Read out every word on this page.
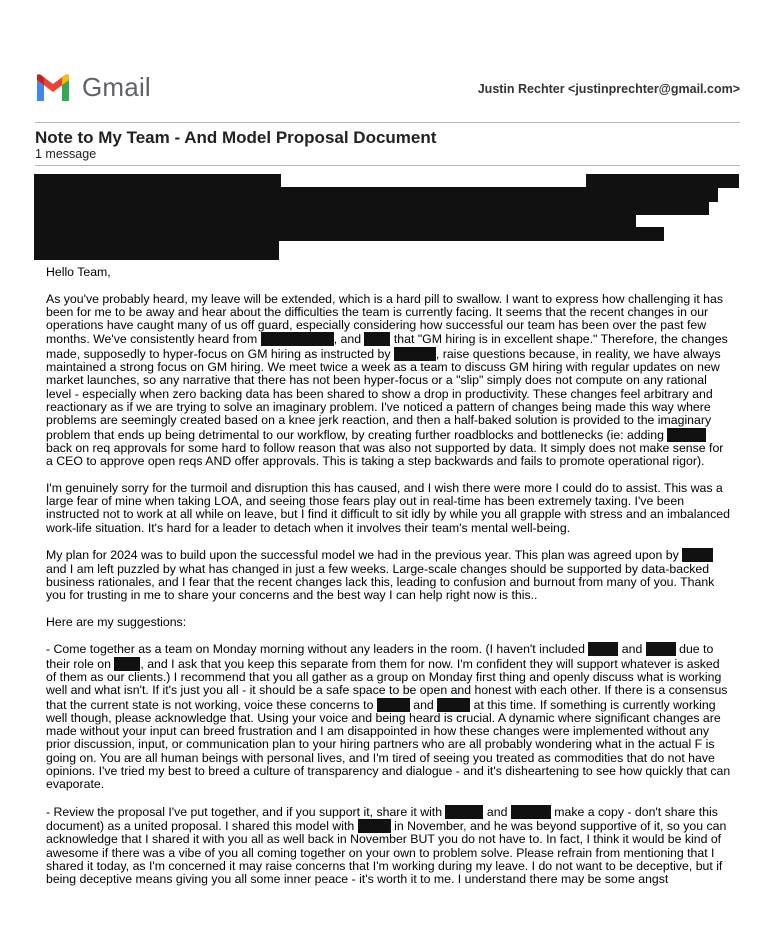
Gmail	Justin Rechter <justinprechter@gmail.com>
Note to My Team - And Model Proposal Document
1 message

Hello Team,

As you've probably heard, my leave will be extended, which is a hard pill to swallow. I want to express how challenging it has been for me to be away and hear about the difficulties the team is currently facing. It seems that the recent changes in our operations have caught many of us off guard, especially considering how successful our team has been over the past few months. We've consistently heard from	, and  that "GM hiring is in excellent shape." Therefore, the changes made, supposedly to hyper-focus on GM hiring as instructed by	, raise questions because, in reality, we have always maintained a strong focus on GM hiring. We meet twice a week as a team to discuss GM hiring with regular updates on new market launches, so any narrative that there has not been hyper-focus or a "slip" simply does not compute on any rational level - especially when zero backing data has been shared to show a drop in productivity. These changes feel arbitrary and reactionary as if we are trying to solve an imaginary problem. I've noticed a pattern of changes being made this way where problems are seemingly created based on a knee jerk reaction, and then a half-baked solution is provided to the imaginary problem that ends up being detrimental to our workflow, by creating further roadblocks and bottlenecks (ie: adding  back on req approvals for some hard to follow reason that was also not supported by data. It simply does not make sense for a CEO to approve open reqs AND offer approvals. This is taking a step backwards and fails to promote operational rigor).

I'm genuinely sorry for the turmoil and disruption this has caused, and I wish there were more I could do to assist. This was a large fear of mine when taking LOA, and seeing those fears play out in real-time has been extremely taxing. I've been instructed not to work at all while on leave, but I find it difficult to sit idly by while you all grapple with stress and an imbalanced work-life situation. It's hard for a leader to detach when it involves their team's mental well-being.

My plan for 2024 was to build upon the successful model we had in the previous year. This plan was agreed upon by  and I am left puzzled by what has changed in just a few weeks. Large-scale changes should be supported by data-backed business rationales, and I fear that the recent changes lack this, leading to confusion and burnout from many of you. Thank you for trusting in me to share your concerns and the best way I can help right now is this..

Here are my suggestions:

- Come together as a team on Monday morning without any leaders in the room. (I haven't included  and  due to their role on , and I ask that you keep this separate from them for now. I'm confident they will support whatever is asked of them as our clients.) I recommend that you all gather as a group on Monday first thing and openly discuss what is working well and what isn't. If it's just you all - it should be a safe space to be open and honest with each other. If there is a consensus that the current state is not working, voice these concerns to	and	at this time. If something is currently working well though, please acknowledge that. Using your voice and being heard is crucial. A dynamic where significant changes are made without your input can breed frustration and I am disappointed in how these changes were implemented without any prior discussion, input, or communication plan to your hiring partners who are all probably wondering what in the actual F is going on. You are all human beings with personal lives, and I'm tired of seeing you treated as commodities that do not have opinions. I've tried my best to breed a culture of transparency and dialogue - and it's disheartening to see how quickly that can evaporate.

- Review the proposal I've put together, and if you support it, share it with	and	make a copy - don't share this document) as a united proposal. I shared this model with	in November, and he was beyond supportive of it, so you can acknowledge that I shared it with you all as well back in November BUT you do not have to. In fact, I think it would be kind of awesome if there was a vibe of you all coming together on your own to problem solve. Please refrain from mentioning that I shared it today, as I'm concerned it may raise concerns that I'm working during my leave. I do not want to be deceptive, but if being deceptive means giving you all some inner peace - it's worth it to me. I understand there may be some angst
